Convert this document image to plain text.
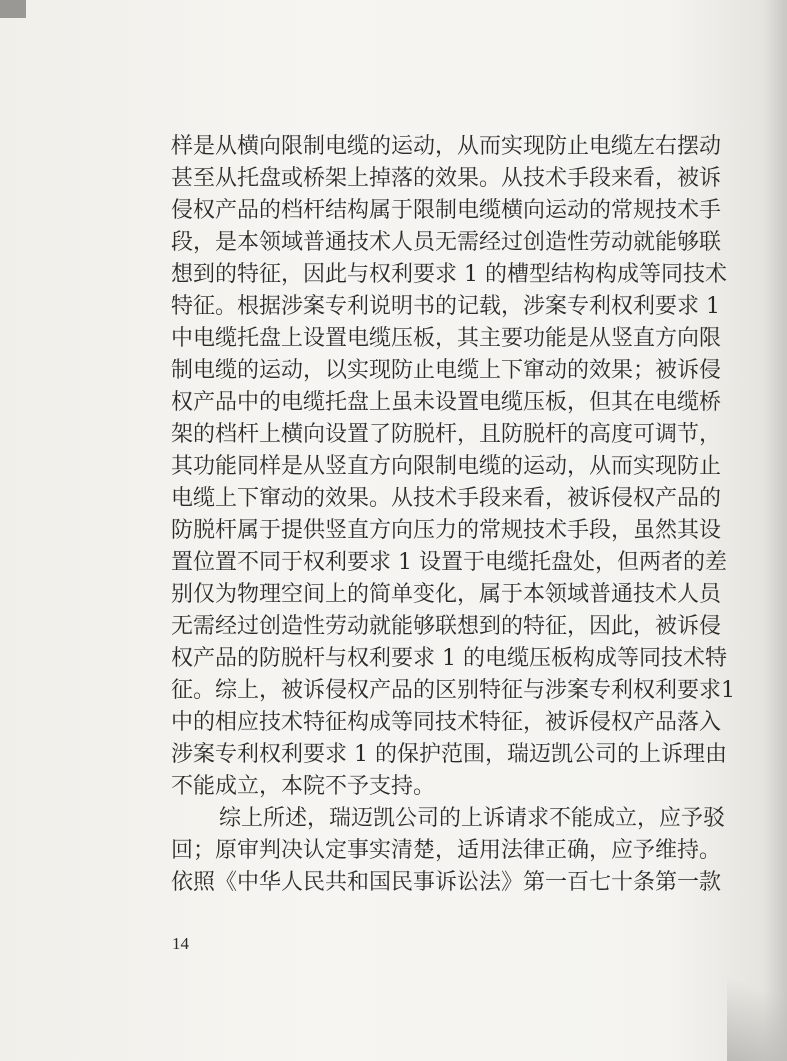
样是从横向限制电缆的运动，从而实现防止电缆左右摆动
甚至从托盘或桥架上掉落的效果。从技术手段来看，被诉
侵权产品的档杆结构属于限制电缆横向运动的常规技术手
段，是本领域普通技术人员无需经过创造性劳动就能够联
想到的特征，因此与权利要求 1 的槽型结构构成等同技术
特征。根据涉案专利说明书的记载，涉案专利权利要求 1
中电缆托盘上设置电缆压板，其主要功能是从竖直方向限
制电缆的运动，以实现防止电缆上下窜动的效果；被诉侵
权产品中的电缆托盘上虽未设置电缆压板，但其在电缆桥
架的档杆上横向设置了防脱杆，且防脱杆的高度可调节，
其功能同样是从竖直方向限制电缆的运动，从而实现防止
电缆上下窜动的效果。从技术手段来看，被诉侵权产品的
防脱杆属于提供竖直方向压力的常规技术手段，虽然其设
置位置不同于权利要求 1 设置于电缆托盘处，但两者的差
别仅为物理空间上的简单变化，属于本领域普通技术人员
无需经过创造性劳动就能够联想到的特征，因此，被诉侵
权产品的防脱杆与权利要求 1 的电缆压板构成等同技术特
征。综上，被诉侵权产品的区别特征与涉案专利权利要求1
中的相应技术特征构成等同技术特征，被诉侵权产品落入
涉案专利权利要求 1 的保护范围，瑞迈凯公司的上诉理由
不能成立，本院不予支持。
综上所述，瑞迈凯公司的上诉请求不能成立，应予驳
回；原审判决认定事实清楚，适用法律正确，应予维持。
依照《中华人民共和国民事诉讼法》第一百七十条第一款
14
